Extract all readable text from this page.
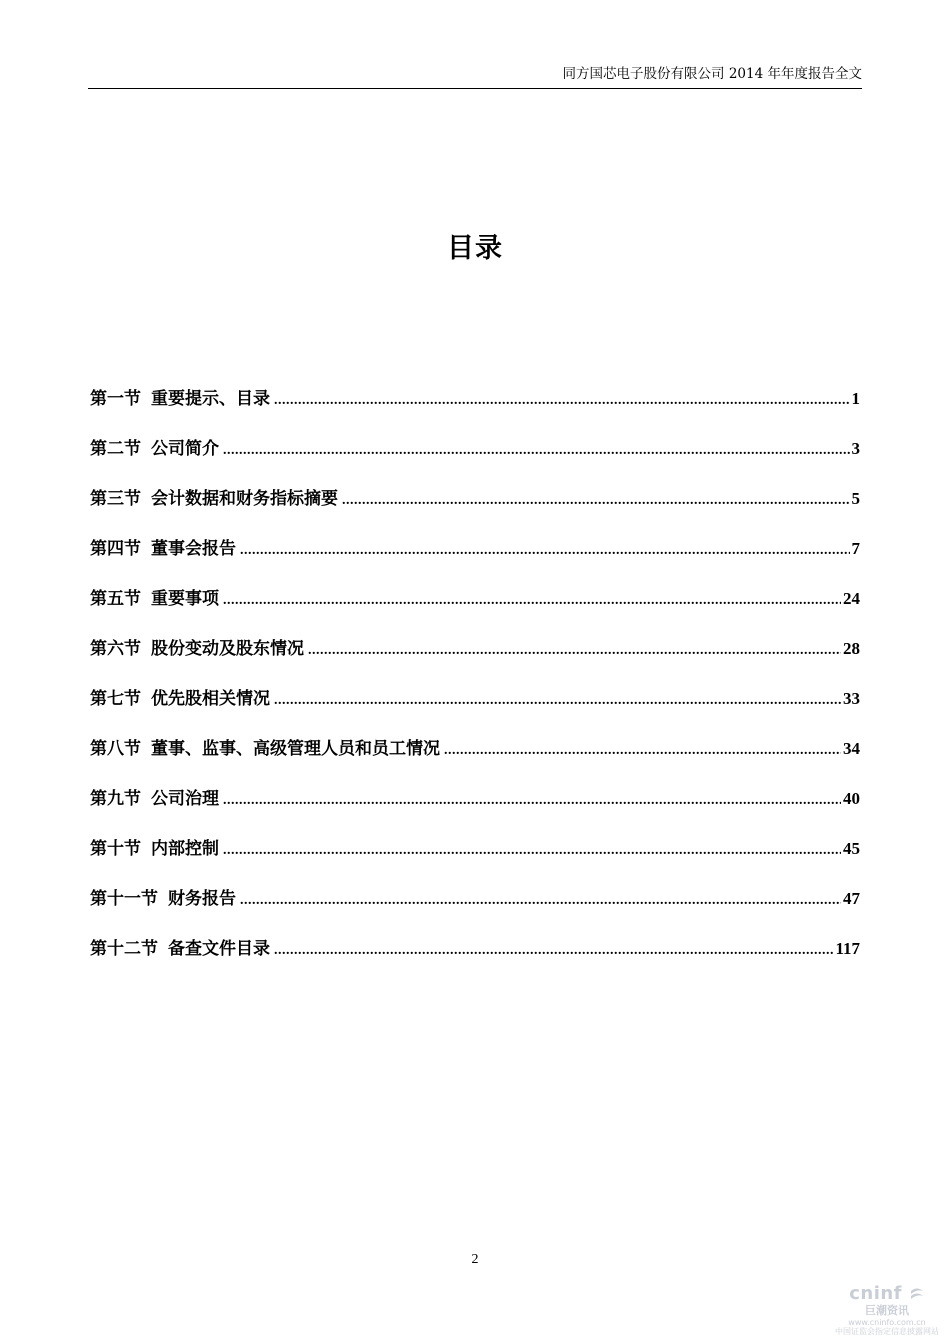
同方国芯电子股份有限公司 2014 年年度报告全文
目录
第一节 重要提示、目录 .....	1
第二节 公司简介 .....	3
第三节 会计数据和财务指标摘要 .....	5
第四节 董事会报告 .....	7
第五节 重要事项 .....	24
第六节 股份变动及股东情况 .....	28
第七节 优先股相关情况 .....	33
第八节 董事、监事、高级管理人员和员工情况 .....	34
第九节 公司治理 .....	40
第十节 内部控制 .....	45
第十一节 财务报告 .....	47
第十二节 备查文件目录 .....	117
2
cninf
巨潮资讯
www.cninfo.com.cn
中国证监会指定信息披露网站
